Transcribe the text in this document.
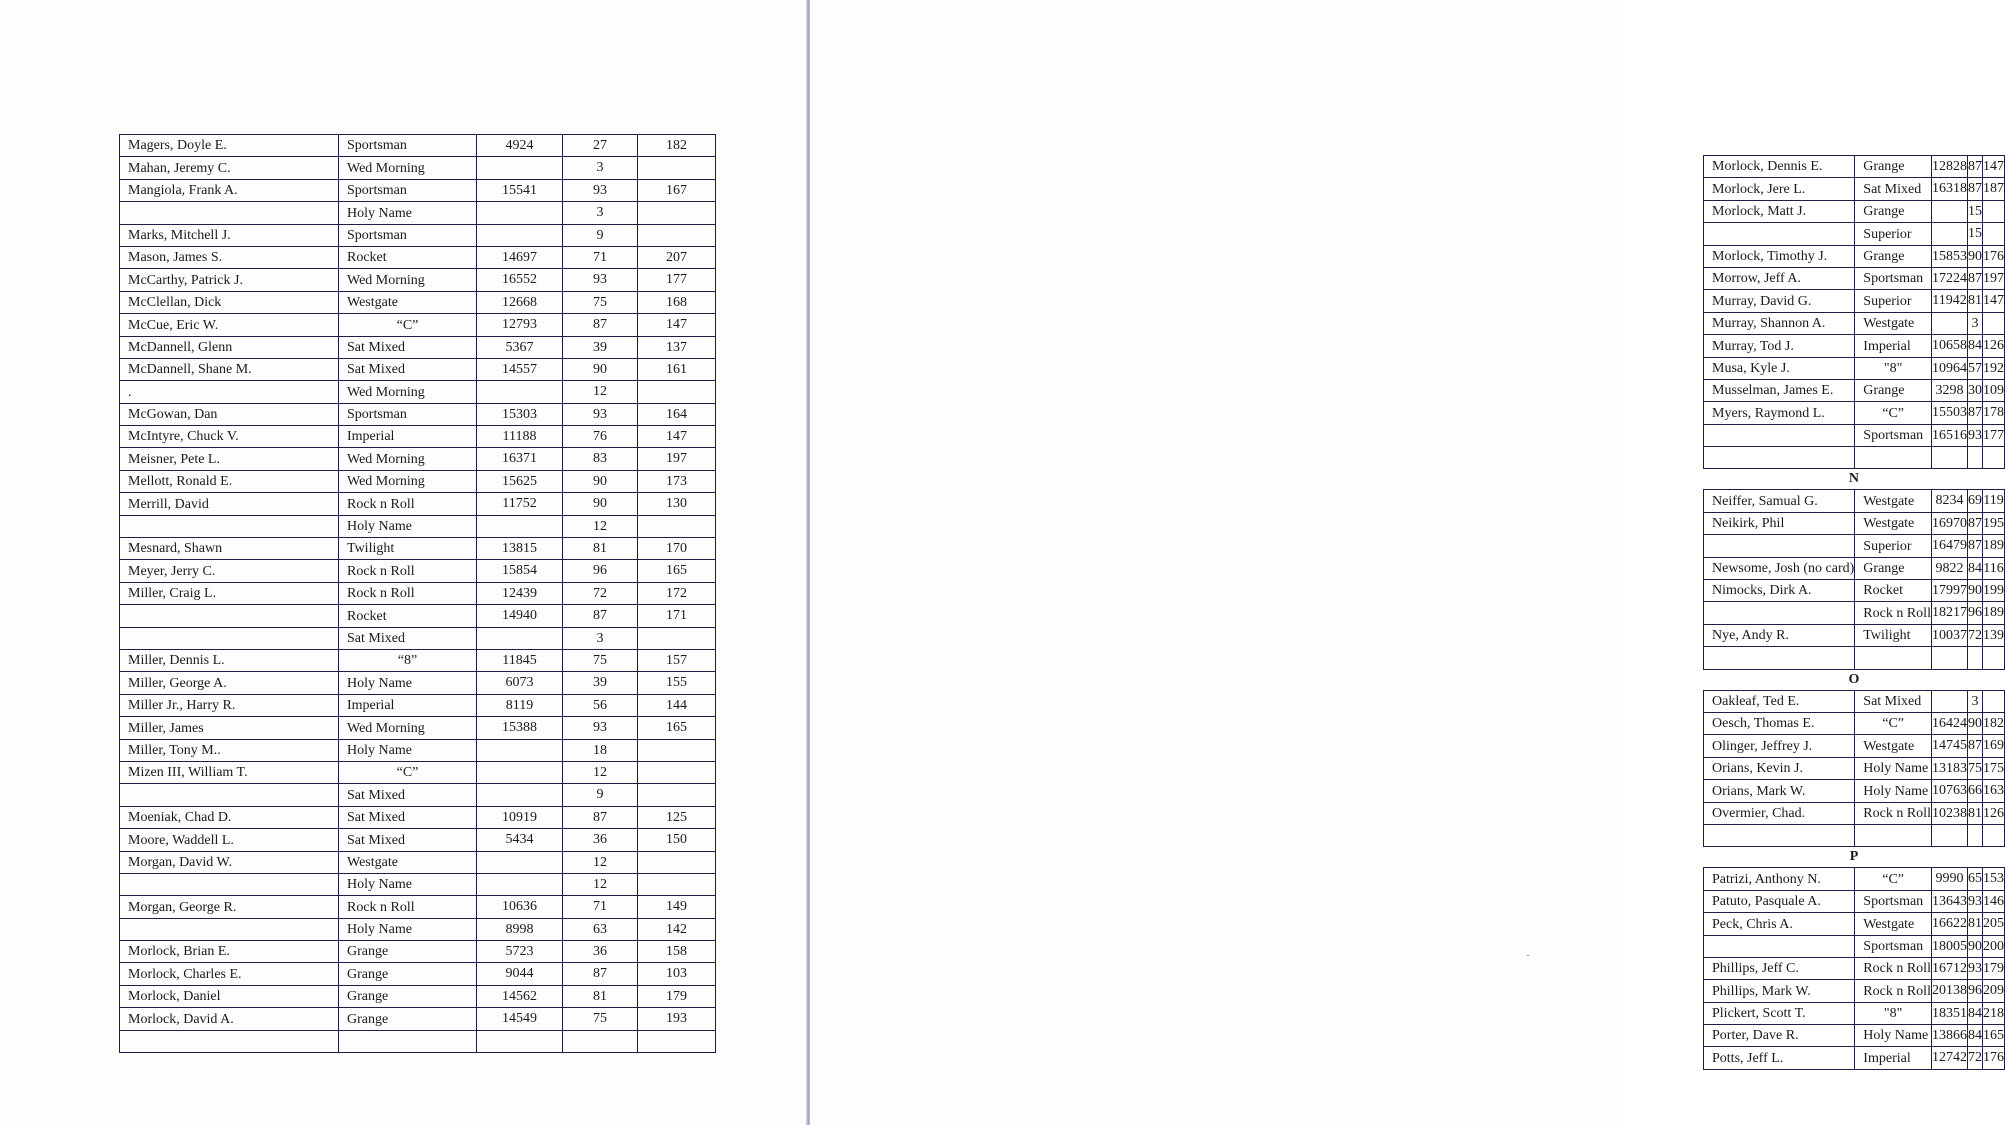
Magers, Doyle E.	Sportsman	4924	27	182
Mahan, Jeremy C.	Wed Morning		3	
Mangiola, Frank A.	Sportsman	15541	93	167
	Holy Name		3	
Marks, Mitchell J.	Sportsman		9	
Mason, James S.	Rocket	14697	71	207
McCarthy, Patrick J.	Wed Morning	16552	93	177
McClellan, Dick	Westgate	12668	75	168
McCue, Eric W.	“C”	12793	87	147
McDannell, Glenn	Sat Mixed	5367	39	137
McDannell, Shane M.	Sat Mixed	14557	90	161
.	Wed Morning		12	
McGowan, Dan	Sportsman	15303	93	164
McIntyre, Chuck V.	Imperial	11188	76	147
Meisner, Pete L.	Wed Morning	16371	83	197
Mellott, Ronald E.	Wed Morning	15625	90	173
Merrill, David	Rock n Roll	11752	90	130
	Holy Name		12	
Mesnard, Shawn	Twilight	13815	81	170
Meyer, Jerry C.	Rock n Roll	15854	96	165
Miller, Craig L.	Rock n Roll	12439	72	172
	Rocket	14940	87	171
	Sat Mixed		3	
Miller, Dennis L.	“8”	11845	75	157
Miller, George A.	Holy Name	6073	39	155
Miller Jr., Harry R.	Imperial	8119	56	144
Miller, James	Wed Morning	15388	93	165
Miller, Tony M..	Holy Name		18	
Mizen III, William T.	“C”		12	
	Sat Mixed		9	
Moeniak, Chad D.	Sat Mixed	10919	87	125
Moore, Waddell L.	Sat Mixed	5434	36	150
Morgan, David W.	Westgate		12	
	Holy Name		12	
Morgan, George R.	Rock n Roll	10636	71	149
	Holy Name	8998	63	142
Morlock, Brian E.	Grange	5723	36	158
Morlock, Charles E.	Grange	9044	87	103
Morlock, Daniel	Grange	14562	81	179
Morlock, David A.	Grange	14549	75	193

Morlock, Dennis E.	Grange	12828	87	147
Morlock, Jere L.	Sat Mixed	16318	87	187
Morlock, Matt J.	Grange		15	
	Superior		15	
Morlock, Timothy J.	Grange	15853	90	176
Morrow, Jeff A.	Sportsman	17224	87	197
Murray, David G.	Superior	11942	81	147
Murray, Shannon A.	Westgate		3	
Murray, Tod J.	Imperial	10658	84	126
Musa, Kyle J.	"8"	10964	57	192
Musselman, James E.	Grange	3298	30	109
Myers, Raymond L.	“C”	15503	87	178
	Sportsman	16516	93	177

N				
Neiffer, Samual G.	Westgate	8234	69	119
Neikirk, Phil	Westgate	16970	87	195
	Superior	16479	87	189
Newsome, Josh (no card)	Grange	9822	84	116
Nimocks, Dirk A.	Rocket	17997	90	199
	Rock n Roll	18217	96	189
Nye, Andy R.	Twilight	10037	72	139

O				
Oakleaf, Ted E.	Sat Mixed		3	
Oesch, Thomas E.	“C”	16424	90	182
Olinger, Jeffrey J.	Westgate	14745	87	169
Orians, Kevin J.	Holy Name	13183	75	175
Orians, Mark W.	Holy Name	10763	66	163
Overmier, Chad.	Rock n Roll	10238	81	126

P				
Patrizi, Anthony N.	“C”	9990	65	153
Patuto, Pasquale A.	Sportsman	13643	93	146
Peck, Chris A.	Westgate	16622	81	205
	Sportsman	18005	90	200
Phillips, Jeff C.	Rock n Roll	16712	93	179
Phillips, Mark W.	Rock n Roll	20138	96	209
Plickert, Scott T.	"8"	18351	84	218
Porter, Dave R.	Holy Name	13866	84	165
Potts, Jeff L.	Imperial	12742	72	176
